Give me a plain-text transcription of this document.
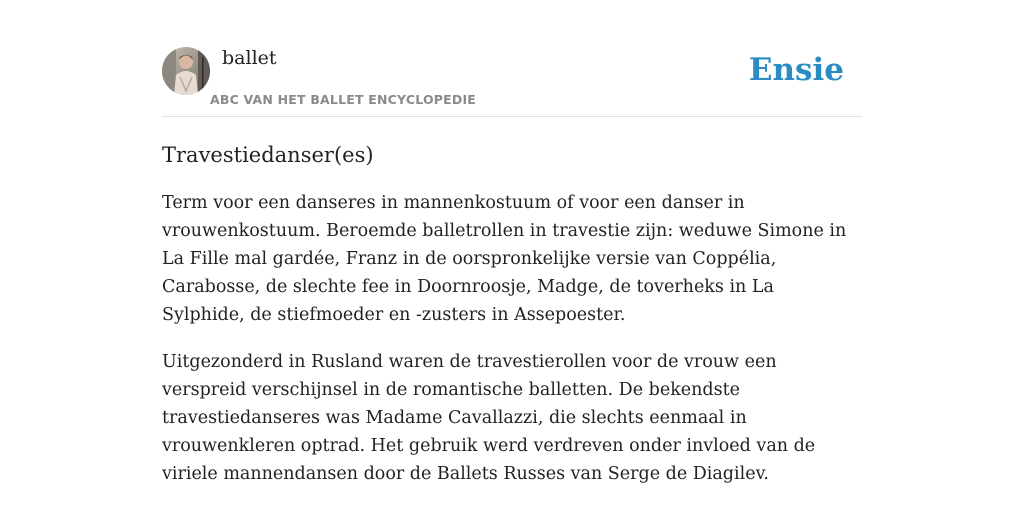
ballet
ABC VAN HET BALLET ENCYCLOPEDIE
Ensie
Travestiedanser(es)

Term voor een danseres in mannenkostuum of voor een danser in vrouwenkostuum. Beroemde balletrollen in travestie zijn: weduwe Simone in La Fille mal gardée, Franz in de oorspronkelijke versie van Coppélia, Carabosse, de slechte fee in Doornroosje, Madge, de toverheks in La Sylphide, de stiefmoeder en -zusters in Assepoester.

Uitgezonderd in Rusland waren de travestierollen voor de vrouw een verspreid verschijnsel in de romantische balletten. De bekendste travestiedanseres was Madame Cavallazzi, die slechts eenmaal in vrouwenkleren optrad. Het gebruik werd verdreven onder invloed van de viriele mannendansen door de Ballets Russes van Serge de Diagilev.
